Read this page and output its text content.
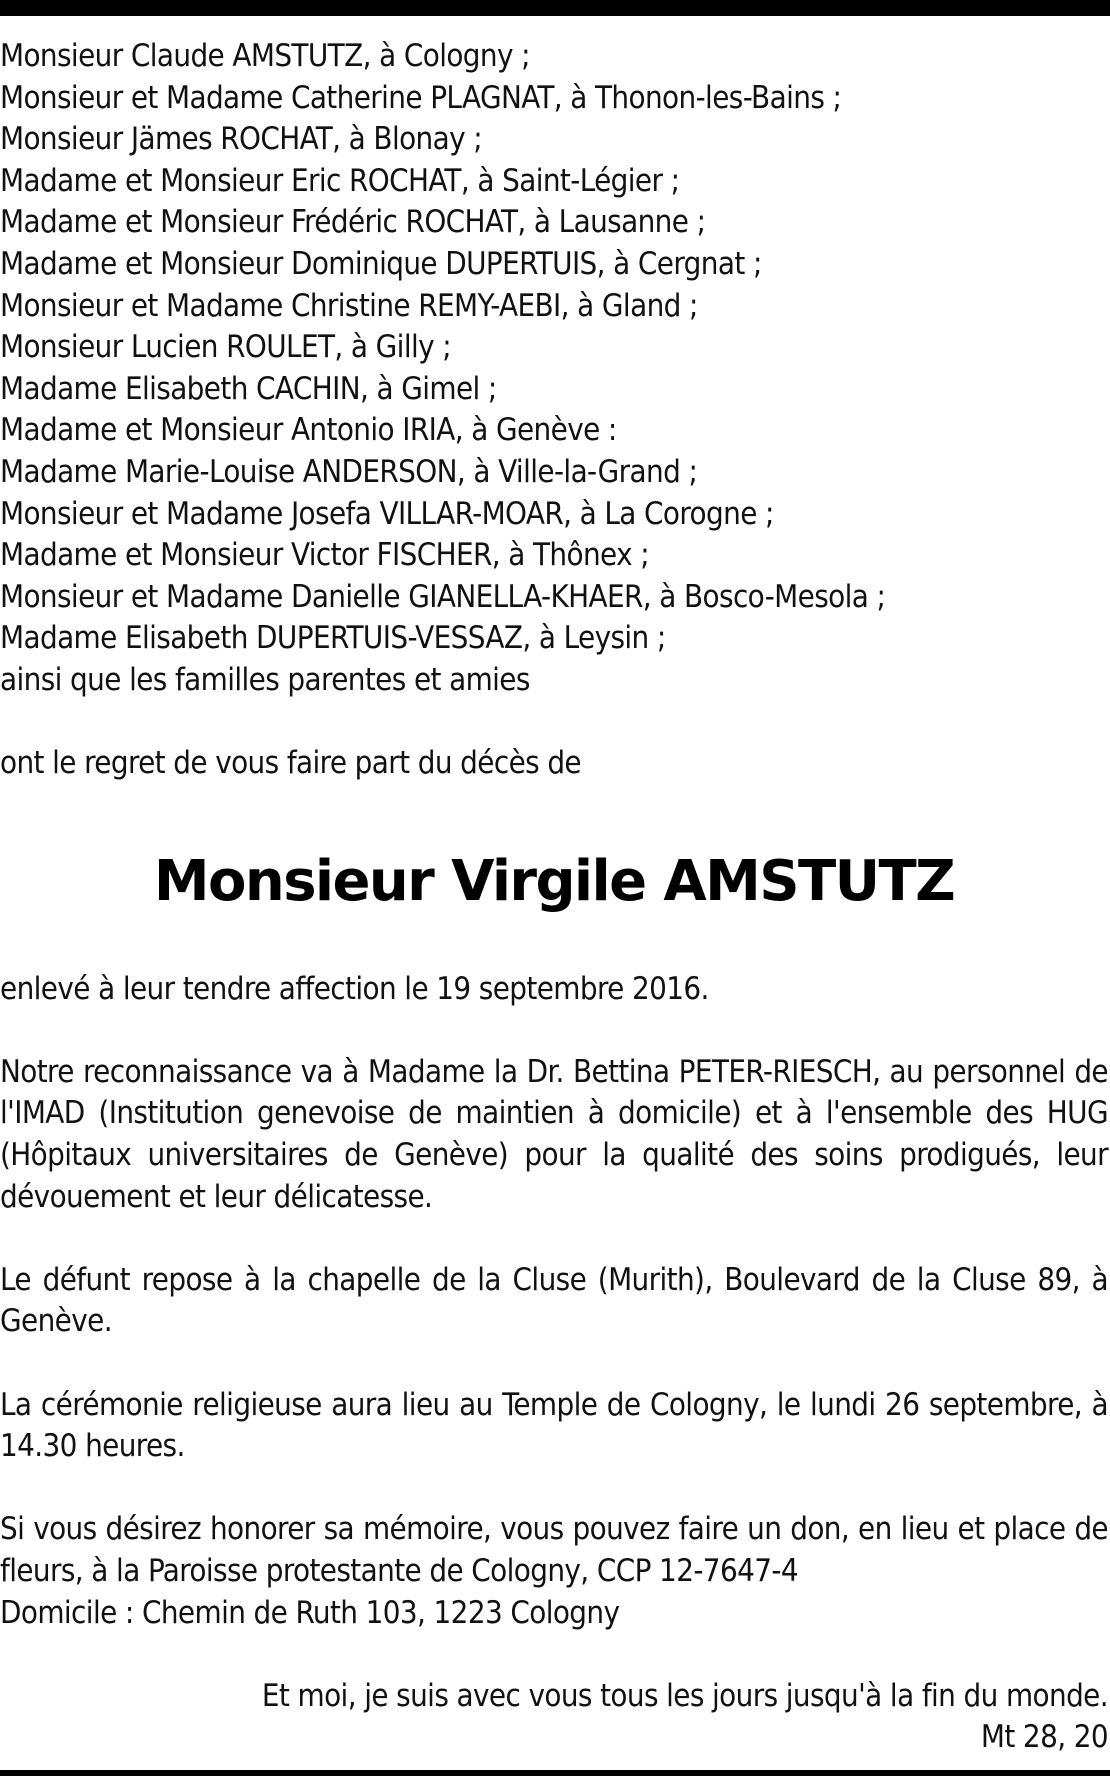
Monsieur Claude AMSTUTZ, à Cologny ;
Monsieur et Madame Catherine PLAGNAT, à Thonon-les-Bains ;
Monsieur Jämes ROCHAT, à Blonay ;
Madame et Monsieur Eric ROCHAT, à Saint-Légier ;
Madame et Monsieur Frédéric ROCHAT, à Lausanne ;
Madame et Monsieur Dominique DUPERTUIS, à Cergnat ;
Monsieur et Madame Christine REMY-AEBI, à Gland ;
Monsieur Lucien ROULET, à Gilly ;
Madame Elisabeth CACHIN, à Gimel ;
Madame et Monsieur Antonio IRIA, à Genève :
Madame Marie-Louise ANDERSON, à Ville-la-Grand ;
Monsieur et Madame Josefa VILLAR-MOAR, à La Corogne ;
Madame et Monsieur Victor FISCHER, à Thônex ;
Monsieur et Madame Danielle GIANELLA-KHAER, à Bosco-Mesola ;
Madame Elisabeth DUPERTUIS-VESSAZ, à Leysin ;
ainsi que les familles parentes et amies

ont le regret de vous faire part du décès de

Monsieur Virgile AMSTUTZ

enlevé à leur tendre affection le 19 septembre 2016.

Notre reconnaissance va à Madame la Dr. Bettina PETER-RIESCH, au personnel de l'IMAD (Institution genevoise de maintien à domicile) et à l'ensemble des HUG (Hôpitaux universitaires de Genève) pour la qualité des soins prodigués, leur dévouement et leur délicatesse.

Le défunt repose à la chapelle de la Cluse (Murith), Boulevard de la Cluse 89, à Genève.

La cérémonie religieuse aura lieu au Temple de Cologny, le lundi 26 septembre, à 14.30 heures.

Si vous désirez honorer sa mémoire, vous pouvez faire un don, en lieu et place de fleurs, à la Paroisse protestante de Cologny, CCP 12-7647-4

Domicile : Chemin de Ruth 103, 1223 Cologny

Et moi, je suis avec vous tous les jours jusqu'à la fin du monde.
Mt 28, 20
